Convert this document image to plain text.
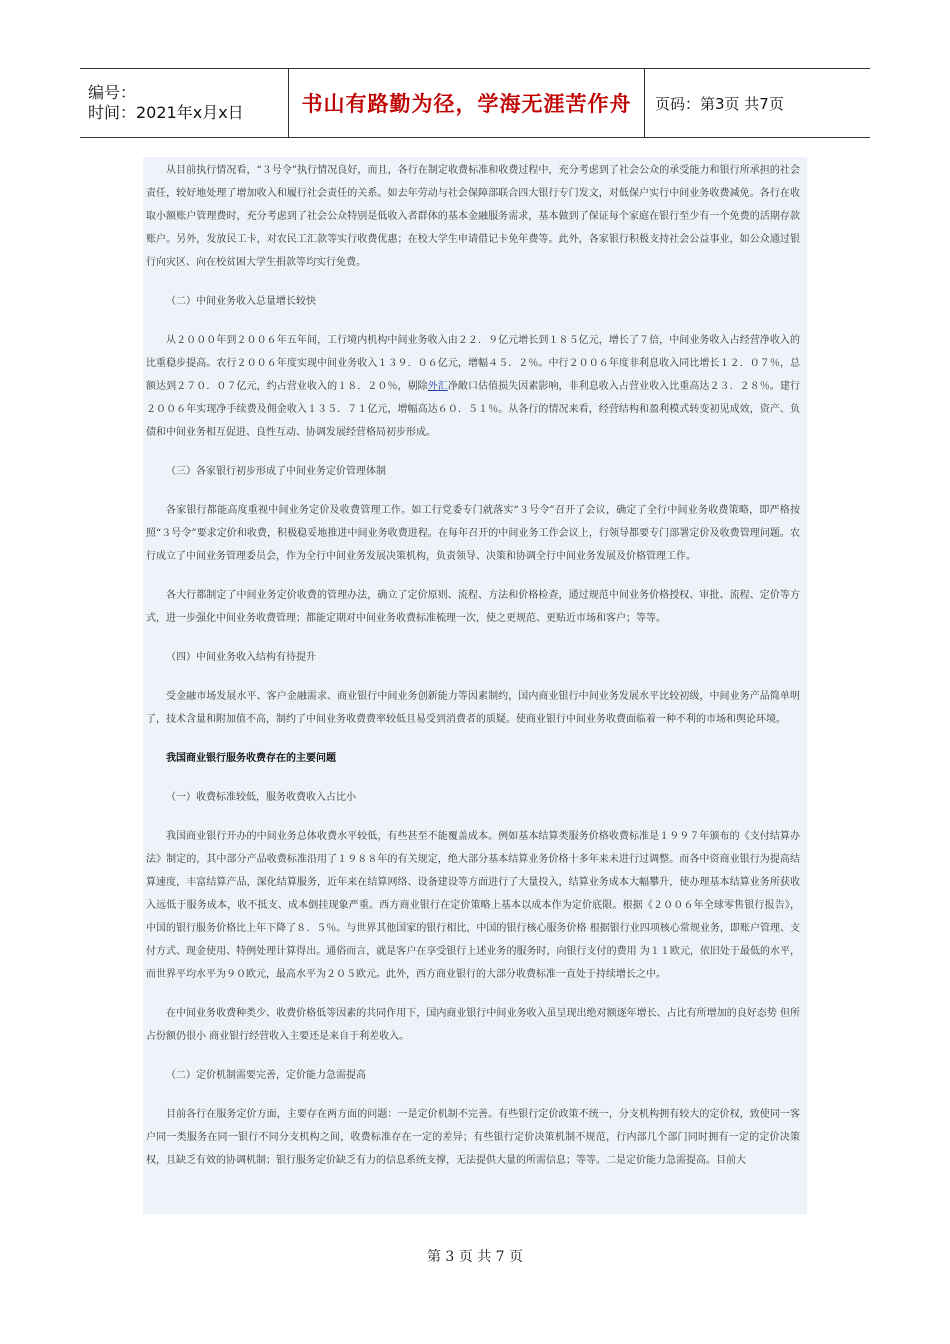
编号：
时间：2021年x月x日	书山有路勤为径，学海无涯苦作舟 页码：第3页 共7页

从目前执行情况看，“３号令”执行情况良好，而且，各行在制定收费标准和收费过程中，充分考虑到了社会公众的承受能力和银行所承担的社会责任，较好地处理了增加收入和履行社会责任的关系。如去年劳动与社会保障部联合四大银行专门发文，对低保户实行中间业务收费减免。各行在收取小额账户管理费时，充分考虑到了社会公众特别是低收入者群体的基本金融服务需求，基本做到了保证每个家庭在银行至少有一个免费的活期存款账户。另外，发放民工卡，对农民工汇款等实行收费优惠；在校大学生申请借记卡免年费等。此外，各家银行积极支持社会公益事业，如公众通过银行向灾区、向在校贫困大学生捐款等均实行免费。

（二）中间业务收入总量增长较快

从２０００年到２００６年五年间，工行境内机构中间业务收入由２２．９亿元增长到１８５亿元，增长了７倍，中间业务收入占经营净收入的比重稳步提高。农行２００６年度实现中间业务收入１３９．０６亿元，增幅４５．２％。中行２００６年度非利息收入同比增长１２．０７％，总额达到２７０．０７亿元，约占营业收入的１８．２０％，剔除外汇净敞口估值损失因素影响，非利息收入占营业收入比重高达２３．２８％。建行２００６年实现净手续费及佣金收入１３５．７１亿元，增幅高达６０．５１％。从各行的情况来看，经营结构和盈利模式转变初见成效，资产、负债和中间业务相互促进、良性互动、协调发展经营格局初步形成。

（三）各家银行初步形成了中间业务定价管理体制

各家银行都能高度重视中间业务定价及收费管理工作。如工行党委专门就落实“３号令”召开了会议，确定了全行中间业务收费策略，即严格按照“３号令”要求定价和收费，积极稳妥地推进中间业务收费进程。在每年召开的中间业务工作会议上，行领导都要专门部署定价及收费管理问题。农行成立了中间业务管理委员会，作为全行中间业务发展决策机构，负责领导、决策和协调全行中间业务发展及价格管理工作。

各大行都制定了中间业务定价收费的管理办法，确立了定价原则、流程、方法和价格检查，通过规范中间业务价格授权、审批、流程、定价等方式，进一步强化中间业务收费管理；都能定期对中间业务收费标准梳理一次，使之更规范、更贴近市场和客户；等等。

（四）中间业务收入结构有待提升

受金融市场发展水平、客户金融需求、商业银行中间业务创新能力等因素制约，国内商业银行中间业务发展水平比较初级，中间业务产品简单明了，技术含量和附加值不高，制约了中间业务收费费率较低且易受到消费者的质疑。使商业银行中间业务收费面临着一种不利的市场和舆论环境。

我国商业银行服务收费存在的主要问题

（一）收费标准较低，服务收费收入占比小

我国商业银行开办的中间业务总体收费水平较低，有些甚至不能覆盖成本。例如基本结算类服务价格收费标准是１９９７年颁布的《支付结算办法》制定的，其中部分产品收费标准沿用了１９８８年的有关规定，绝大部分基本结算业务价格十多年来未进行过调整。而各中资商业银行为提高结算速度，丰富结算产品，深化结算服务，近年来在结算网络、设备建设等方面进行了大量投入，结算业务成本大幅攀升，使办理基本结算业务所获收入远低于服务成本，收不抵支、成本倒挂现象严重。西方商业银行在定价策略上基本以成本作为定价底限。根据《２００６年全球零售银行报告》，中国的银行服务价格比上年下降了８．５％。与世界其他国家的银行相比，中国的银行核心服务价格 根据银行业四项核心常规业务，即账户管理、支付方式、现金使用、特例处理计算得出。通俗而言，就是客户在享受银行上述业务的服务时，向银行支付的费用 为１１欧元，依旧处于最低的水平，而世界平均水平为９０欧元，最高水平为２０５欧元。此外，西方商业银行的大部分收费标准一直处于持续增长之中。

在中间业务收费种类少、收费价格低等因素的共同作用下，国内商业银行中间业务收入虽呈现出绝对额逐年增长、占比有所增加的良好态势 但所占份额仍很小 商业银行经营收入主要还是来自于利差收入。

（二）定价机制需要完善，定价能力急需提高

目前各行在服务定价方面，主要存在两方面的问题：一是定价机制不完善。有些银行定价政策不统一，分支机构拥有较大的定价权，致使同一客户同一类服务在同一银行不同分支机构之间，收费标准存在一定的差异；有些银行定价决策机制不规范，行内部几个部门同时拥有一定的定价决策权，且缺乏有效的协调机制；银行服务定价缺乏有力的信息系统支撑，无法提供大量的所需信息；等等。二是定价能力急需提高。目前大

第 3 页 共 7 页
